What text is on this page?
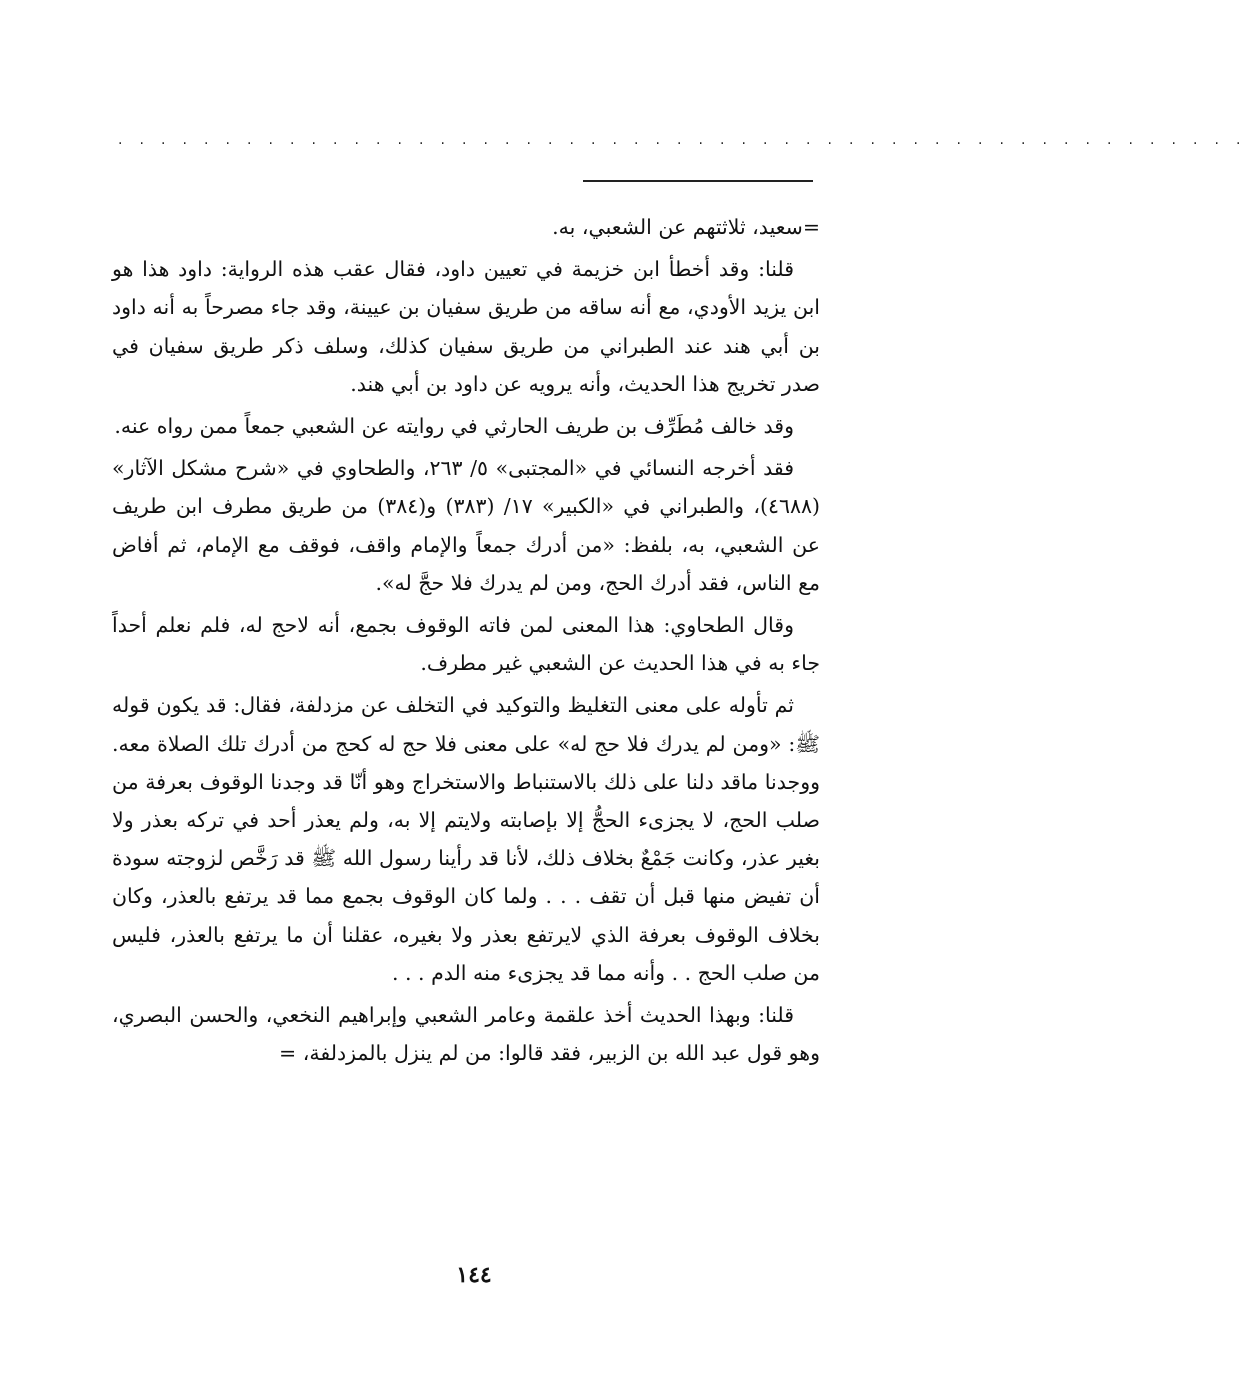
. . . . . . . . . . . . . . . . . . . . . . . . . . . . . . . . . . . . . . . . . . . . . . . . . . . . .

=سعيد، ثلاثتهم عن الشعبي، به.

قلنا: وقد أخطأ ابن خزيمة في تعيين داود، فقال عقب هذه الرواية: داود هذا هو ابن يزيد الأودي، مع أنه ساقه من طريق سفيان بن عيينة، وقد جاء مصرحاً به أنه داود بن أبي هند عند الطبراني من طريق سفيان كذلك، وسلف ذكر طريق سفيان في صدر تخريج هذا الحديث، وأنه يرويه عن داود بن أبي هند.

وقد خالف مُطَرِّف بن طريف الحارثي في روايته عن الشعبي جمعاً ممن رواه عنه.

فقد أخرجه النسائي في «المجتبى» ٥/ ٢٦٣، والطحاوي في «شرح مشكل الآثار» (٤٦٨٨)، والطبراني في «الكبير» ١٧/ (٣٨٣) و(٣٨٤) من طريق مطرف ابن طريف عن الشعبي، به، بلفظ: «من أدرك جمعاً والإمام واقف، فوقف مع الإمام، ثم أفاض مع الناس، فقد أدرك الحج، ومن لم يدرك فلا حجَّ له».

وقال الطحاوي: هذا المعنى لمن فاته الوقوف بجمع، أنه لاحج له، فلم نعلم أحداً جاء به في هذا الحديث عن الشعبي غير مطرف.

ثم تأوله على معنى التغليظ والتوكيد في التخلف عن مزدلفة، فقال: قد يكون قوله ﷺ: «ومن لم يدرك فلا حج له» على معنى فلا حج له كحج من أدرك تلك الصلاة معه. ووجدنا ماقد دلنا على ذلك بالاستنباط والاستخراج وهو أنّا قد وجدنا الوقوف بعرفة من صلب الحج، لا يجزىء الحجُّ إلا بإصابته ولايتم إلا به، ولم يعذر أحد في تركه بعذر ولا بغير عذر، وكانت جَمْعٌ بخلاف ذلك، لأنا قد رأينا رسول الله ﷺ قد رَخَّص لزوجته سودة أن تفيض منها قبل أن تقف . . . ولما كان الوقوف بجمع مما قد يرتفع بالعذر، وكان بخلاف الوقوف بعرفة الذي لايرتفع بعذر ولا بغيره، عقلنا أن ما يرتفع بالعذر، فليس من صلب الحج . . وأنه مما قد يجزىء منه الدم . . .

قلنا: وبهذا الحديث أخذ علقمة وعامر الشعبي وإبراهيم النخعي، والحسن البصري، وهو قول عبد الله بن الزبير، فقد قالوا: من لم ينزل بالمزدلفة، =

١٤٤
